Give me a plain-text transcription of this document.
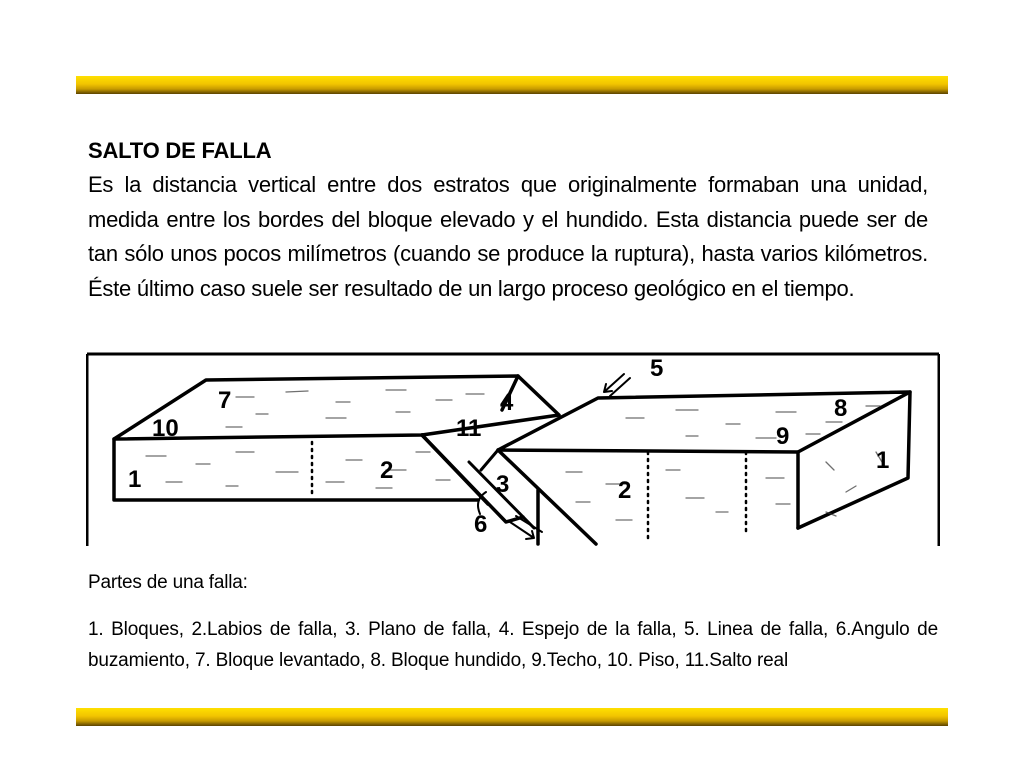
SALTO DE FALLA
Es la distancia vertical entre dos estratos que originalmente formaban una unidad, medida entre los bordes del bloque elevado y el hundido. Esta distancia puede ser de tan sólo unos pocos milímetros (cuando se produce la ruptura), hasta varios kilómetros. Éste último caso suele ser resultado de un largo proceso geológico en el tiempo.
1	2
3
4
5
6
7	8
9
10	11
2
1
Partes de una falla:
1. Bloques, 2.Labios de falla, 3. Plano de falla, 4. Espejo de la falla, 5. Linea de falla, 6.Angulo de buzamiento, 7. Bloque levantado, 8. Bloque hundido, 9.Techo, 10. Piso, 11.Salto real
